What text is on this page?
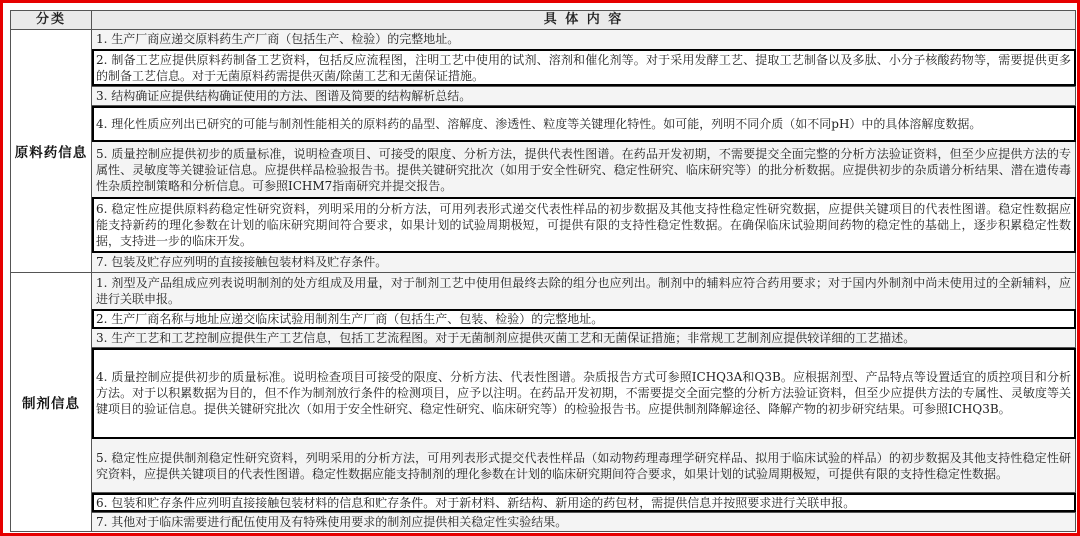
分类	具 体 内 容
原料药信息	1. 生产厂商应递交原料药生产厂商（包括生产、检验）的完整地址。
	2. 制备工艺应提供原料药制备工艺资料，包括反应流程图，注明工艺中使用的试剂、溶剂和催化剂等。对于采用发酵工艺、提取工艺制备以及多肽、小分子核酸药物等，需要提供更多的制备工艺信息。对于无菌原料药需提供灭菌/除菌工艺和无菌保证措施。
	3. 结构确证应提供结构确证使用的方法、图谱及简要的结构解析总结。
	4. 理化性质应列出已研究的可能与制剂性能相关的原料药的晶型、溶解度、渗透性、粒度等关键理化特性。如可能，列明不同介质（如不同pH）中的具体溶解度数据。
	5. 质量控制应提供初步的质量标准，说明检查项目、可接受的限度、分析方法，提供代表性图谱。在药品开发初期，不需要提交全面完整的分析方法验证资料，但至少应提供方法的专属性、灵敏度等关键验证信息。应提供样品检验报告书。提供关键研究批次（如用于安全性研究、稳定性研究、临床研究等）的批分析数据。应提供初步的杂质谱分析结果、潜在遗传毒性杂质控制策略和分析信息。可参照ICHM7指南研究并提交报告。
	6. 稳定性应提供原料药稳定性研究资料，列明采用的分析方法，可用列表形式递交代表性样品的初步数据及其他支持性稳定性研究数据，应提供关键项目的代表性图谱。稳定性数据应能支持新药的理化参数在计划的临床研究期间符合要求，如果计划的试验周期极短，可提供有限的支持性稳定性数据。在确保临床试验期间药物的稳定性的基础上，逐步积累稳定性数据，支持进一步的临床开发。
	7. 包装及贮存应列明的直接接触包装材料及贮存条件。
制剂信息	1. 剂型及产品组成应列表说明制剂的处方组成及用量，对于制剂工艺中使用但最终去除的组分也应列出。制剂中的辅料应符合药用要求；对于国内外制剂中尚未使用过的全新辅料，应进行关联申报。
	2. 生产厂商名称与地址应递交临床试验用制剂生产厂商（包括生产、包装、检验）的完整地址。
	3. 生产工艺和工艺控制应提供生产工艺信息，包括工艺流程图。对于无菌制剂应提供灭菌工艺和无菌保证措施；非常规工艺制剂应提供较详细的工艺描述。
	4. 质量控制应提供初步的质量标准。说明检查项目可接受的限度、分析方法、代表性图谱。杂质报告方式可参照ICHQ3A和Q3B。应根据剂型、产品特点等设置适宜的质控项目和分析方法。对于以积累数据为目的，但不作为制剂放行条件的检测项目，应予以注明。在药品开发初期，不需要提交全面完整的分析方法验证资料，但至少应提供方法的专属性、灵敏度等关键项目的验证信息。提供关键研究批次（如用于安全性研究、稳定性研究、临床研究等）的检验报告书。应提供制剂降解途径、降解产物的初步研究结果。可参照ICHQ3B。
	5. 稳定性应提供制剂稳定性研究资料，列明采用的分析方法，可用列表形式提交代表性样品（如动物药理毒理学研究样品、拟用于临床试验的样品）的初步数据及其他支持性稳定性研究资料，应提供关键项目的代表性图谱。稳定性数据应能支持制剂的理化参数在计划的临床研究期间符合要求，如果计划的试验周期极短，可提供有限的支持性稳定性数据。
	6. 包装和贮存条件应列明直接接触包装材料的信息和贮存条件。对于新材料、新结构、新用途的药包材，需提供信息并按照要求进行关联申报。
	7. 其他对于临床需要进行配伍使用及有特殊使用要求的制剂应提供相关稳定性实验结果。
